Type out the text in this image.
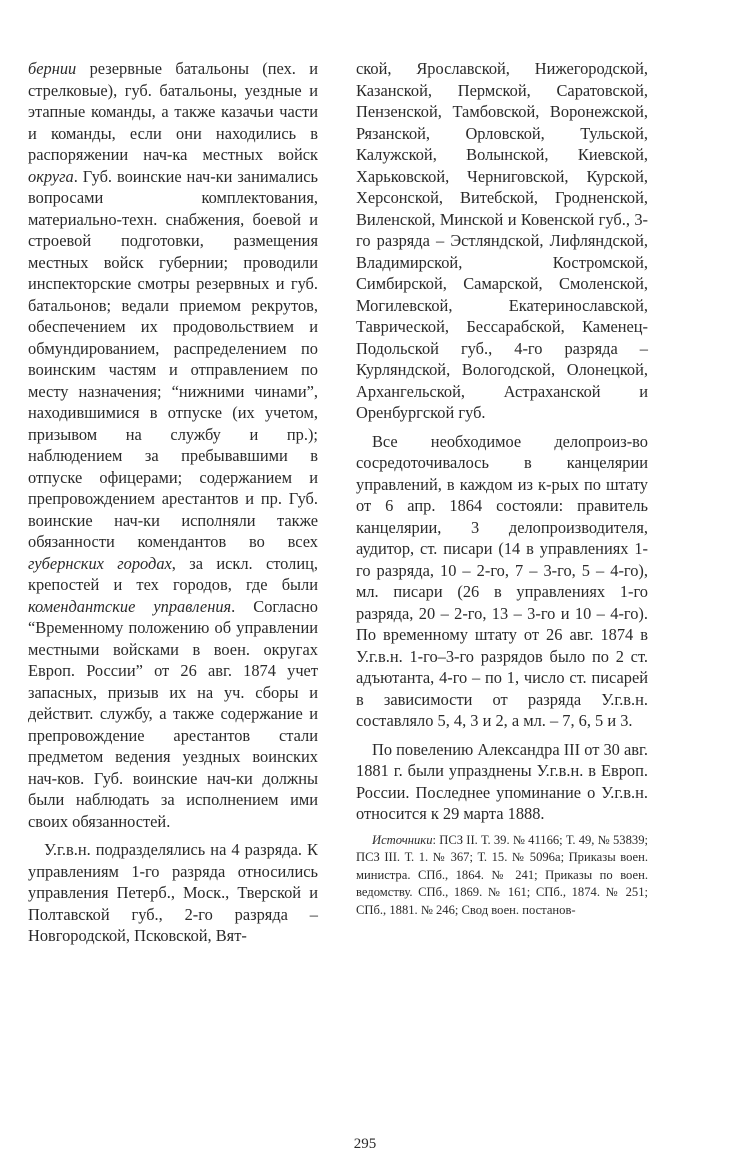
бернии резервные батальоны (пех. и стрелковые), губ. батальоны, уездные и этапные команды, а также казачьи части и команды, если они находились в распоряжении нач-ка местных войск округа. Губ. воинские нач-ки занимались вопросами комплектования, материально-техн. снабжения, боевой и строевой подготовки, размещения местных войск губернии; проводили инспекторские смотры резервных и губ. батальонов; ведали приемом рекрутов, обеспечением их продовольствием и обмундированием, распределением по воинским частям и отправлением по месту назначения; “нижними чинами”, находившимися в отпуске (их учетом, призывом на службу и пр.); наблюдением за пребывавшими в отпуске офицерами; содержанием и препровождением арестантов и пр. Губ. воинские нач-ки исполняли также обязанности комендантов во всех губернских городах, за искл. столиц, крепостей и тех городов, где были комендантские управления. Согласно “Временному положению об управлении местными войсками в воен. округах Европ. России” от 26 авг. 1874 учет запасных, призыв их на уч. сборы и действит. службу, а также содержание и препровождение арестантов стали предметом ведения уездных воинских нач-ков. Губ. воинские нач-ки должны были наблюдать за исполнением ими своих обязанностей.

У.г.в.н. подразделялись на 4 разряда. К управлениям 1-го разряда относились управления Петерб., Моск., Тверской и Полтавской губ., 2-го разряда – Новгородской, Псковской, Вят-

ской, Ярославской, Нижегородской, Казанской, Пермской, Саратовской, Пензенской, Тамбовской, Воронежской, Рязанской, Орловской, Тульской, Калужской, Волынской, Киевской, Харьковской, Черниговской, Курской, Херсонской, Витебской, Гродненской, Виленской, Минской и Ковенской губ., 3-го разряда – Эстляндской, Лифляндской, Владимирской, Костромской, Симбирской, Самарской, Смоленской, Могилевской, Екатеринославской, Таврической, Бессарабской, Каменец-Подольской губ., 4-го разряда – Курляндской, Вологодской, Олонецкой, Архангельской, Астраханской и Оренбургской губ.

Все необходимое делопроиз-во сосредоточивалось в канцелярии управлений, в каждом из к-рых по штату от 6 апр. 1864 состояли: правитель канцелярии, 3 делопроизводителя, аудитор, ст. писари (14 в управлениях 1-го разряда, 10 – 2-го, 7 – 3-го, 5 – 4-го), мл. писари (26 в управлениях 1-го разряда, 20 – 2-го, 13 – 3-го и 10 – 4-го). По временному штату от 26 авг. 1874 в У.г.в.н. 1-го–3-го разрядов было по 2 ст. адъютанта, 4-го – по 1, число ст. писарей в зависимости от разряда У.г.в.н. составляло 5, 4, 3 и 2, а мл. – 7, 6, 5 и 3.

По повелению Александра III от 30 авг. 1881 г. были упразднены У.г.в.н. в Европ. России. Последнее упоминание о У.г.в.н. относится к 29 марта 1888.

Источники: ПСЗ II. Т. 39. № 41166; Т. 49, № 53839; ПСЗ III. Т. 1. № 367; Т. 15. № 5096а; Приказы воен. министра. СПб., 1864. № 241; Приказы по воен. ведомству. СПб., 1869. № 161; СПб., 1874. № 251; СПб., 1881. № 246; Свод воен. постанов-

295
